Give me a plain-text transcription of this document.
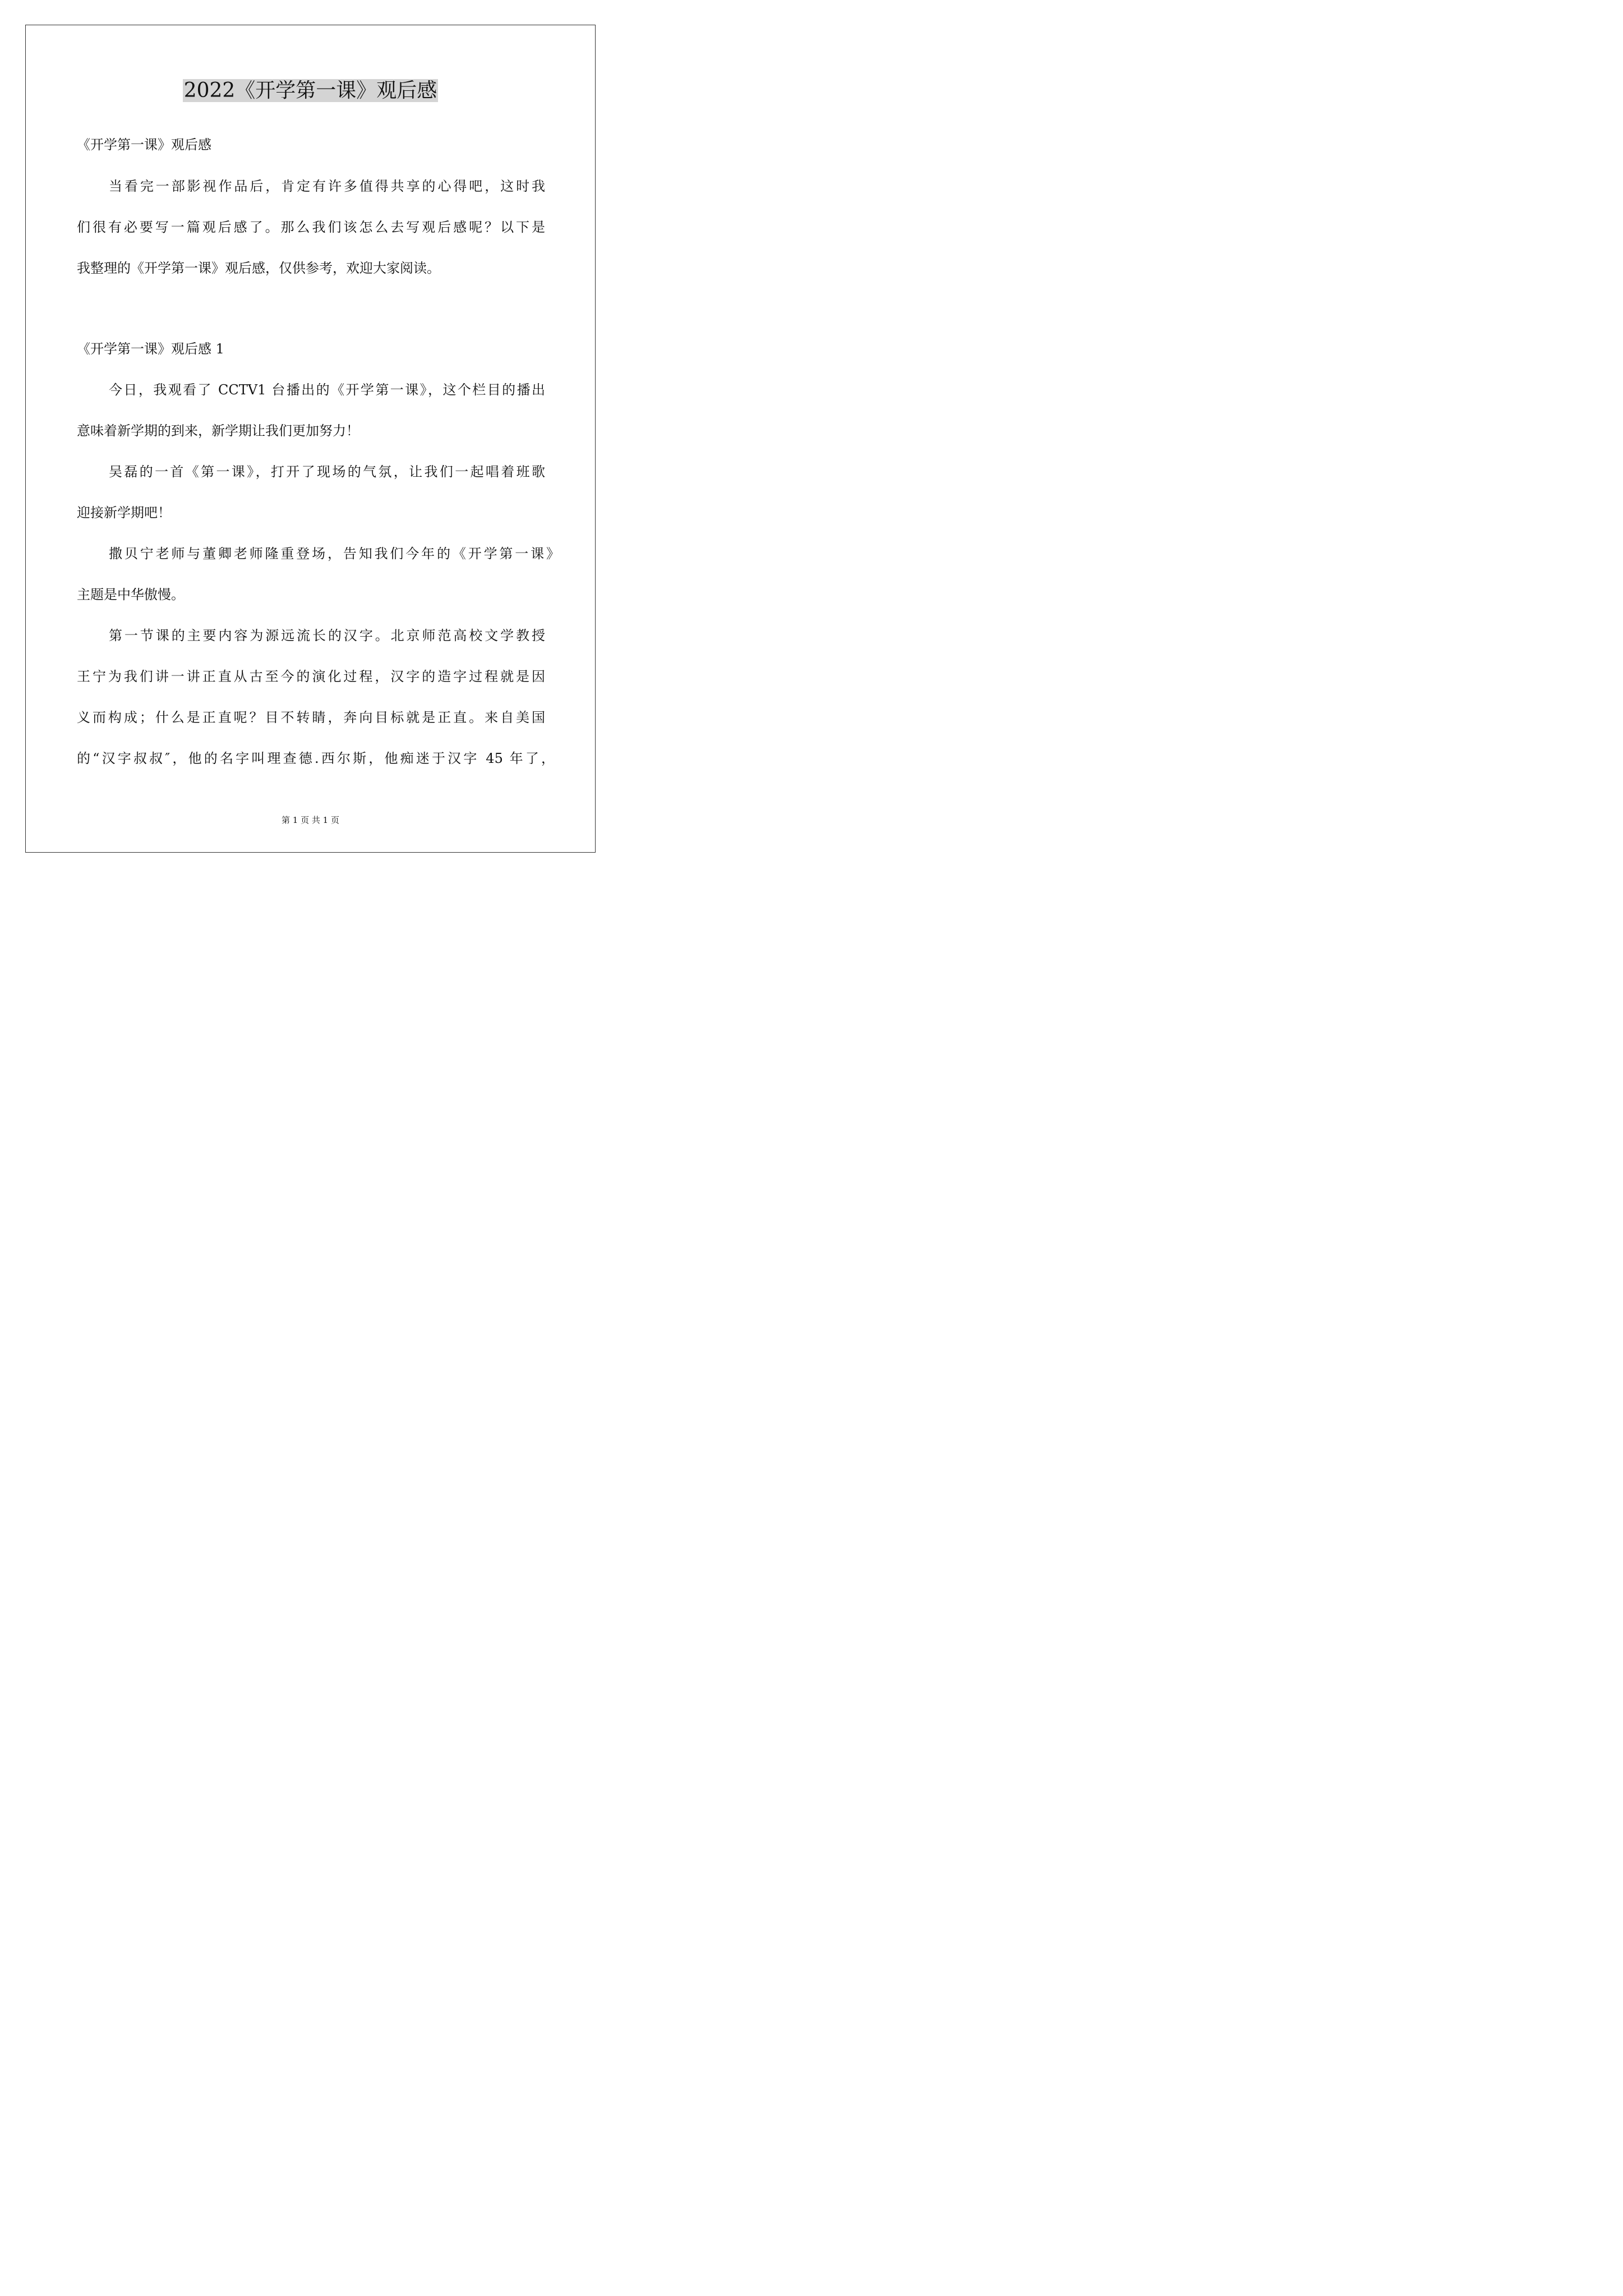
2022《开学第一课》观后感
《开学第一课》观后感
当看完一部影视作品后，肯定有许多值得共享的心得吧，这时我
们很有必要写一篇观后感了。那么我们该怎么去写观后感呢？以下是
我整理的《开学第一课》观后感，仅供参考，欢迎大家阅读。
《开学第一课》观后感 1
今日，我观看了 CCTV1 台播出的《开学第一课》，这个栏目的播出
意味着新学期的到来，新学期让我们更加努力！
吴磊的一首《第一课》，打开了现场的气氛，让我们一起唱着班歌
迎接新学期吧！
撒贝宁老师与董卿老师隆重登场，告知我们今年的《开学第一课》
主题是中华傲慢。
第一节课的主要内容为源远流长的汉字。北京师范高校文学教授
王宁为我们讲一讲正直从古至今的演化过程，汉字的造字过程就是因
义而构成；什么是正直呢？目不转睛，奔向目标就是正直。来自美国
的“汉字叔叔″，他的名字叫理查德.西尔斯，他痴迷于汉字 45 年了，
第 1 页 共 1 页
